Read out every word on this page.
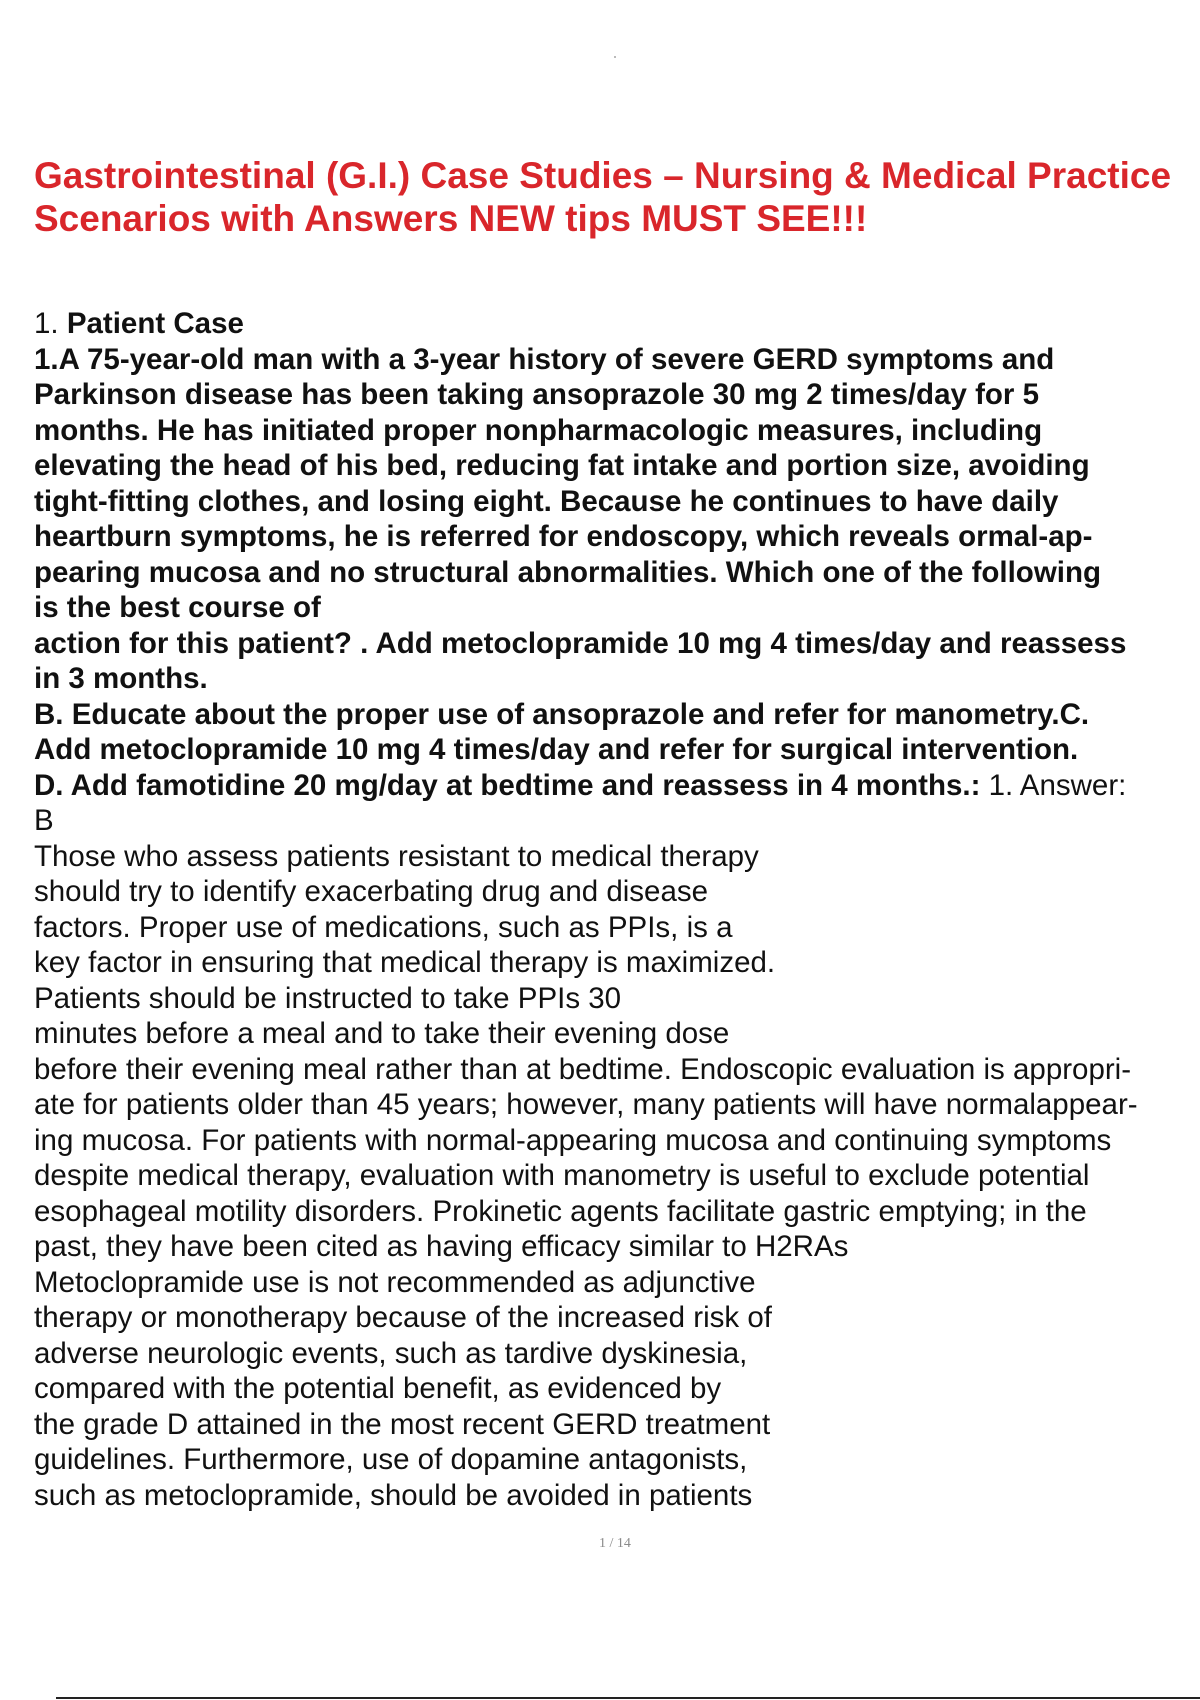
Gastrointestinal (G.I.) Case Studies – Nursing & Medical Practice
Scenarios with Answers NEW tips MUST SEE!!!
1. Patient Case
1.A 75-year-old man with a 3-year history of severe GERD symptoms and
Parkinson disease has been taking ansoprazole 30 mg 2 times/day for 5
months. He has initiated proper nonpharmacologic measures, including
elevating the head of his bed, reducing fat intake and portion size, avoiding
tight-fitting clothes, and losing eight. Because he continues to have daily
heartburn symptoms, he is referred for endoscopy, which reveals ormal-ap-
pearing mucosa and no structural abnormalities. Which one of the following
is the best course of
action for this patient? . Add metoclopramide 10 mg 4 times/day and reassess
in 3 months.
B. Educate about the proper use of ansoprazole and refer for manometry.C.
Add metoclopramide 10 mg 4 times/day and refer for surgical intervention.
D. Add famotidine 20 mg/day at bedtime and reassess in 4 months.: 1. Answer:
B
Those who assess patients resistant to medical therapy
should try to identify exacerbating drug and disease
factors. Proper use of medications, such as PPIs, is a
key factor in ensuring that medical therapy is maximized.
Patients should be instructed to take PPIs 30
minutes before a meal and to take their evening dose
before their evening meal rather than at bedtime. Endoscopic evaluation is appropri-
ate for patients older than 45 years; however, many patients will have normalappear-
ing mucosa. For patients with normal-appearing mucosa and continuing symptoms
despite medical therapy, evaluation with manometry is useful to exclude potential
esophageal motility disorders. Prokinetic agents facilitate gastric emptying; in the
past, they have been cited as having efficacy similar to H2RAs
Metoclopramide use is not recommended as adjunctive
therapy or monotherapy because of the increased risk of
adverse neurologic events, such as tardive dyskinesia,
compared with the potential benefit, as evidenced by
the grade D attained in the most recent GERD treatment
guidelines. Furthermore, use of dopamine antagonists,
such as metoclopramide, should be avoided in patients
1 / 14
